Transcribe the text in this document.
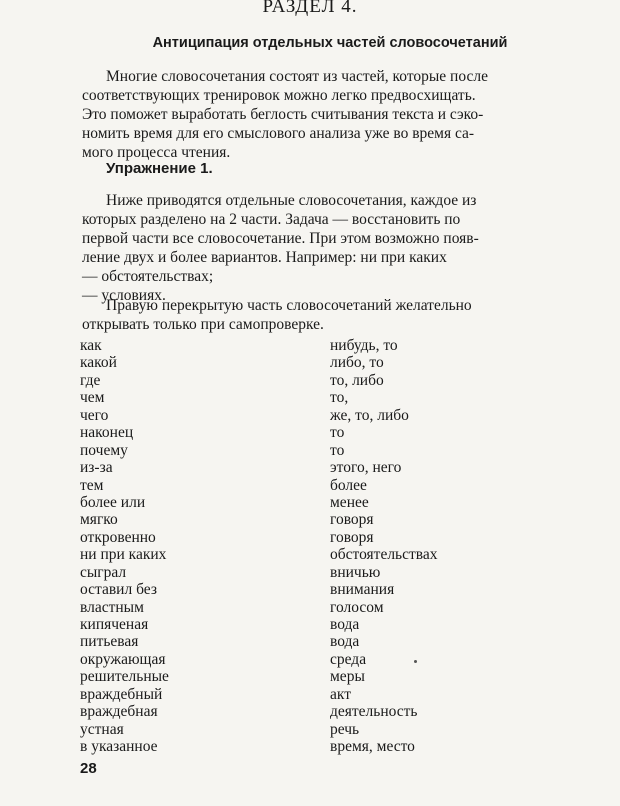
РАЗДЕЛ 4.
Антиципация отдельных частей словосочетаний

Многие словосочетания состоят из частей, которые после
соответствующих тренировок можно легко предвосхищать.
Это поможет выработать беглость считывания текста и сэко-
номить время для его смыслового анализа уже во время са-
мого процесса чтения.

Упражнение 1.

Ниже приводятся отдельные словосочетания, каждое из
которых разделено на 2 части. Задача — восстановить по
первой части все словосочетание. При этом возможно появ-
ление двух и более вариантов. Например: ни при каких
— обстоятельствах;
— условиях.

Правую перекрытую часть словосочетаний желательно
открывать только при самопроверке.

как	нибудь, то
какой	либо, то
где	то, либо
чем	то,
чего	же, то, либо
наконец	то
почему	то
из-за	этого, него
тем	более
более или	менее
мягко	говоря
откровенно	говоря
ни при каких	обстоятельствах
сыграл	вничью
оставил без	внимания
властным	голосом
кипяченая	вода
питьевая	вода
окружающая	среда
решительные	меры
враждебный	акт
враждебная	деятельность
устная	речь
в указанное	время, место
28
